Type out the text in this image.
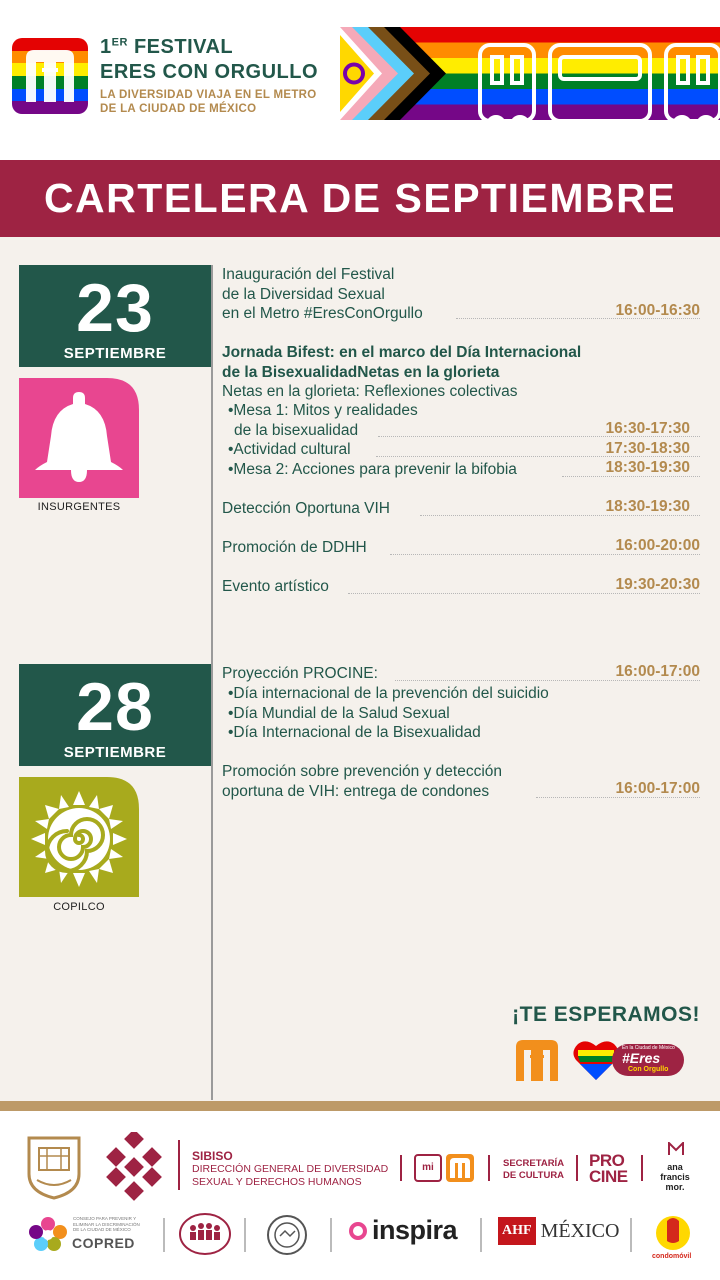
1ER FESTIVAL
ERES CON ORGULLO
LA DIVERSIDAD VIAJA EN EL METRO
DE LA CIUDAD DE MÉXICO
CARTELERA DE SEPTIEMBRE
23
SEPTIEMBRE
INSURGENTES
Inauguración del Festival
de la Diversidad Sexual
en el Metro #EresConOrgullo	16:00-16:30
Jornada Bifest: en el marco del Día Internacional
de la BisexualidadNetas en la glorieta
Netas en la glorieta: Reflexiones colectivas
•Mesa 1: Mitos y realidades
de la bisexualidad	16:30-17:30
•Actividad cultural	17:30-18:30
•Mesa 2: Acciones para prevenir la bifobia	18:30-19:30
Detección Oportuna VIH	18:30-19:30
Promoción de DDHH	16:00-20:00
Evento artístico	19:30-20:30
28
SEPTIEMBRE
COPILCO
Proyección PROCINE:	16:00-17:00
•Día internacional de la prevención del suicidio
•Día Mundial de la Salud Sexual
•Día Internacional de la Bisexualidad
Promoción sobre prevención y detección
oportuna de VIH: entrega de condones	16:00-17:00
¡TE ESPERAMOS!
En la Ciudad de México
#Eres
Con Orgullo
SIBISO
DIRECCIÓN GENERAL DE DIVERSIDAD
SEXUAL Y DERECHOS HUMANOS
mi	SECRETARÍA
DE CULTURA
PRO
CINE	ana
francis
mor.
CONSEJO PARA PREVENIR Y ELIMINAR LA DISCRIMINACIÓN DE LA CIUDAD DE MÉXICO
COPRED	inspira	AHF MÉXICO
condomóvil
